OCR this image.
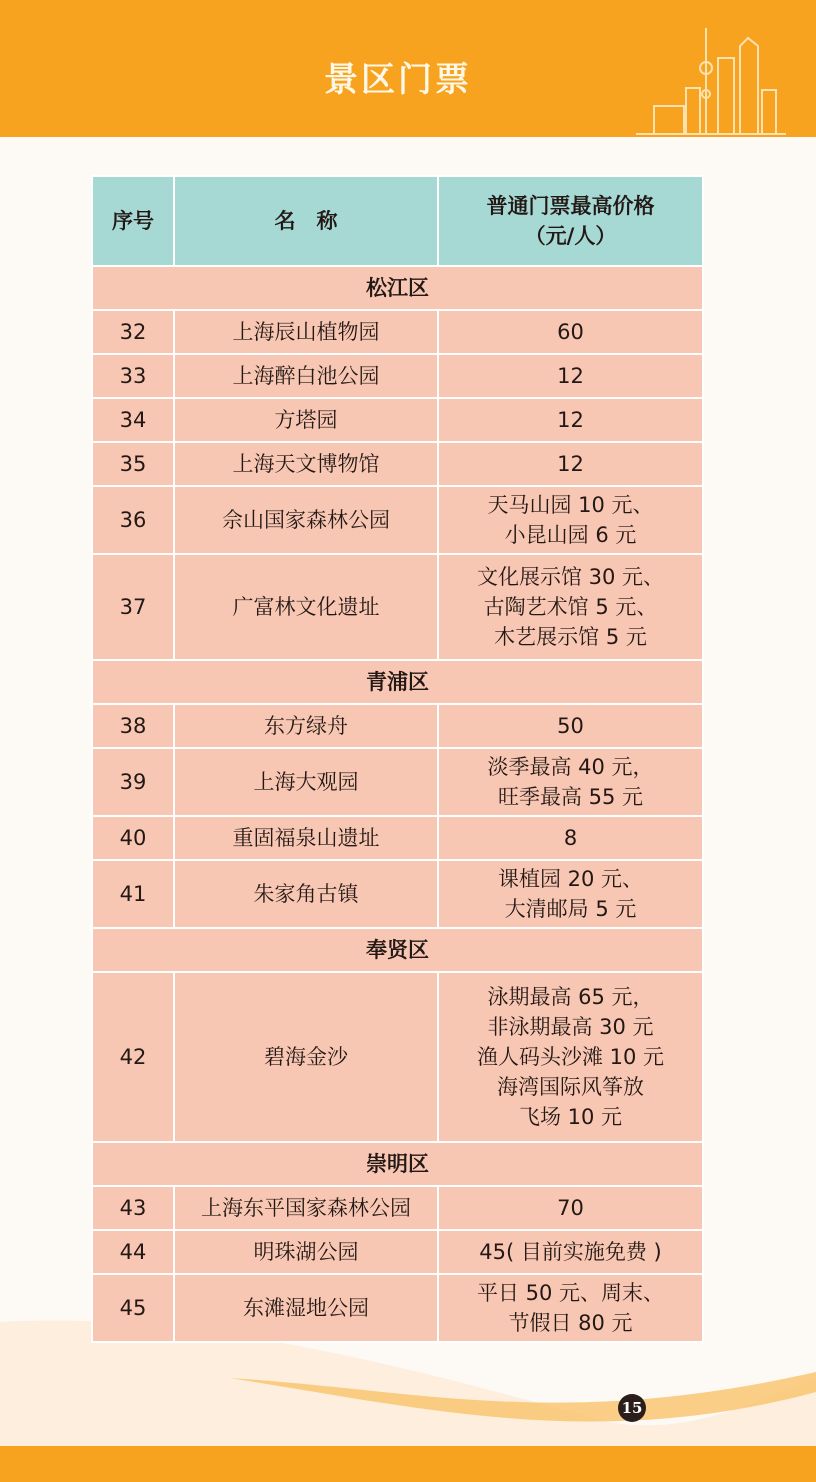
景区门票
序号	名　称	普通门票最高价格
（元/人）

松江区		
32	上海辰山植物园	60

33	上海醉白池公园	12

34	方塔园	12

35	上海天文博物馆	12

36	佘山国家森林公园	天马山园 10 元、
小昆山园 6 元

37	广富林文化遗址	文化展示馆 30 元、
古陶艺术馆 5 元、
木艺展示馆 5 元

青浦区		
38	东方绿舟	50

39	上海大观园	淡季最高 40 元，
旺季最高 55 元

40	重固福泉山遗址	8

41	朱家角古镇	课植园 20 元、
大清邮局 5 元

奉贤区		
42	碧海金沙	泳期最高 65 元，
非泳期最高 30 元
渔人码头沙滩 10 元
海湾国际风筝放
飞场 10 元

崇明区		
43	上海东平国家森林公园	70

44	明珠湖公园	45( 目前实施免费 )

45	东滩湿地公园	平日 50 元、周末、
节假日 80 元
15
